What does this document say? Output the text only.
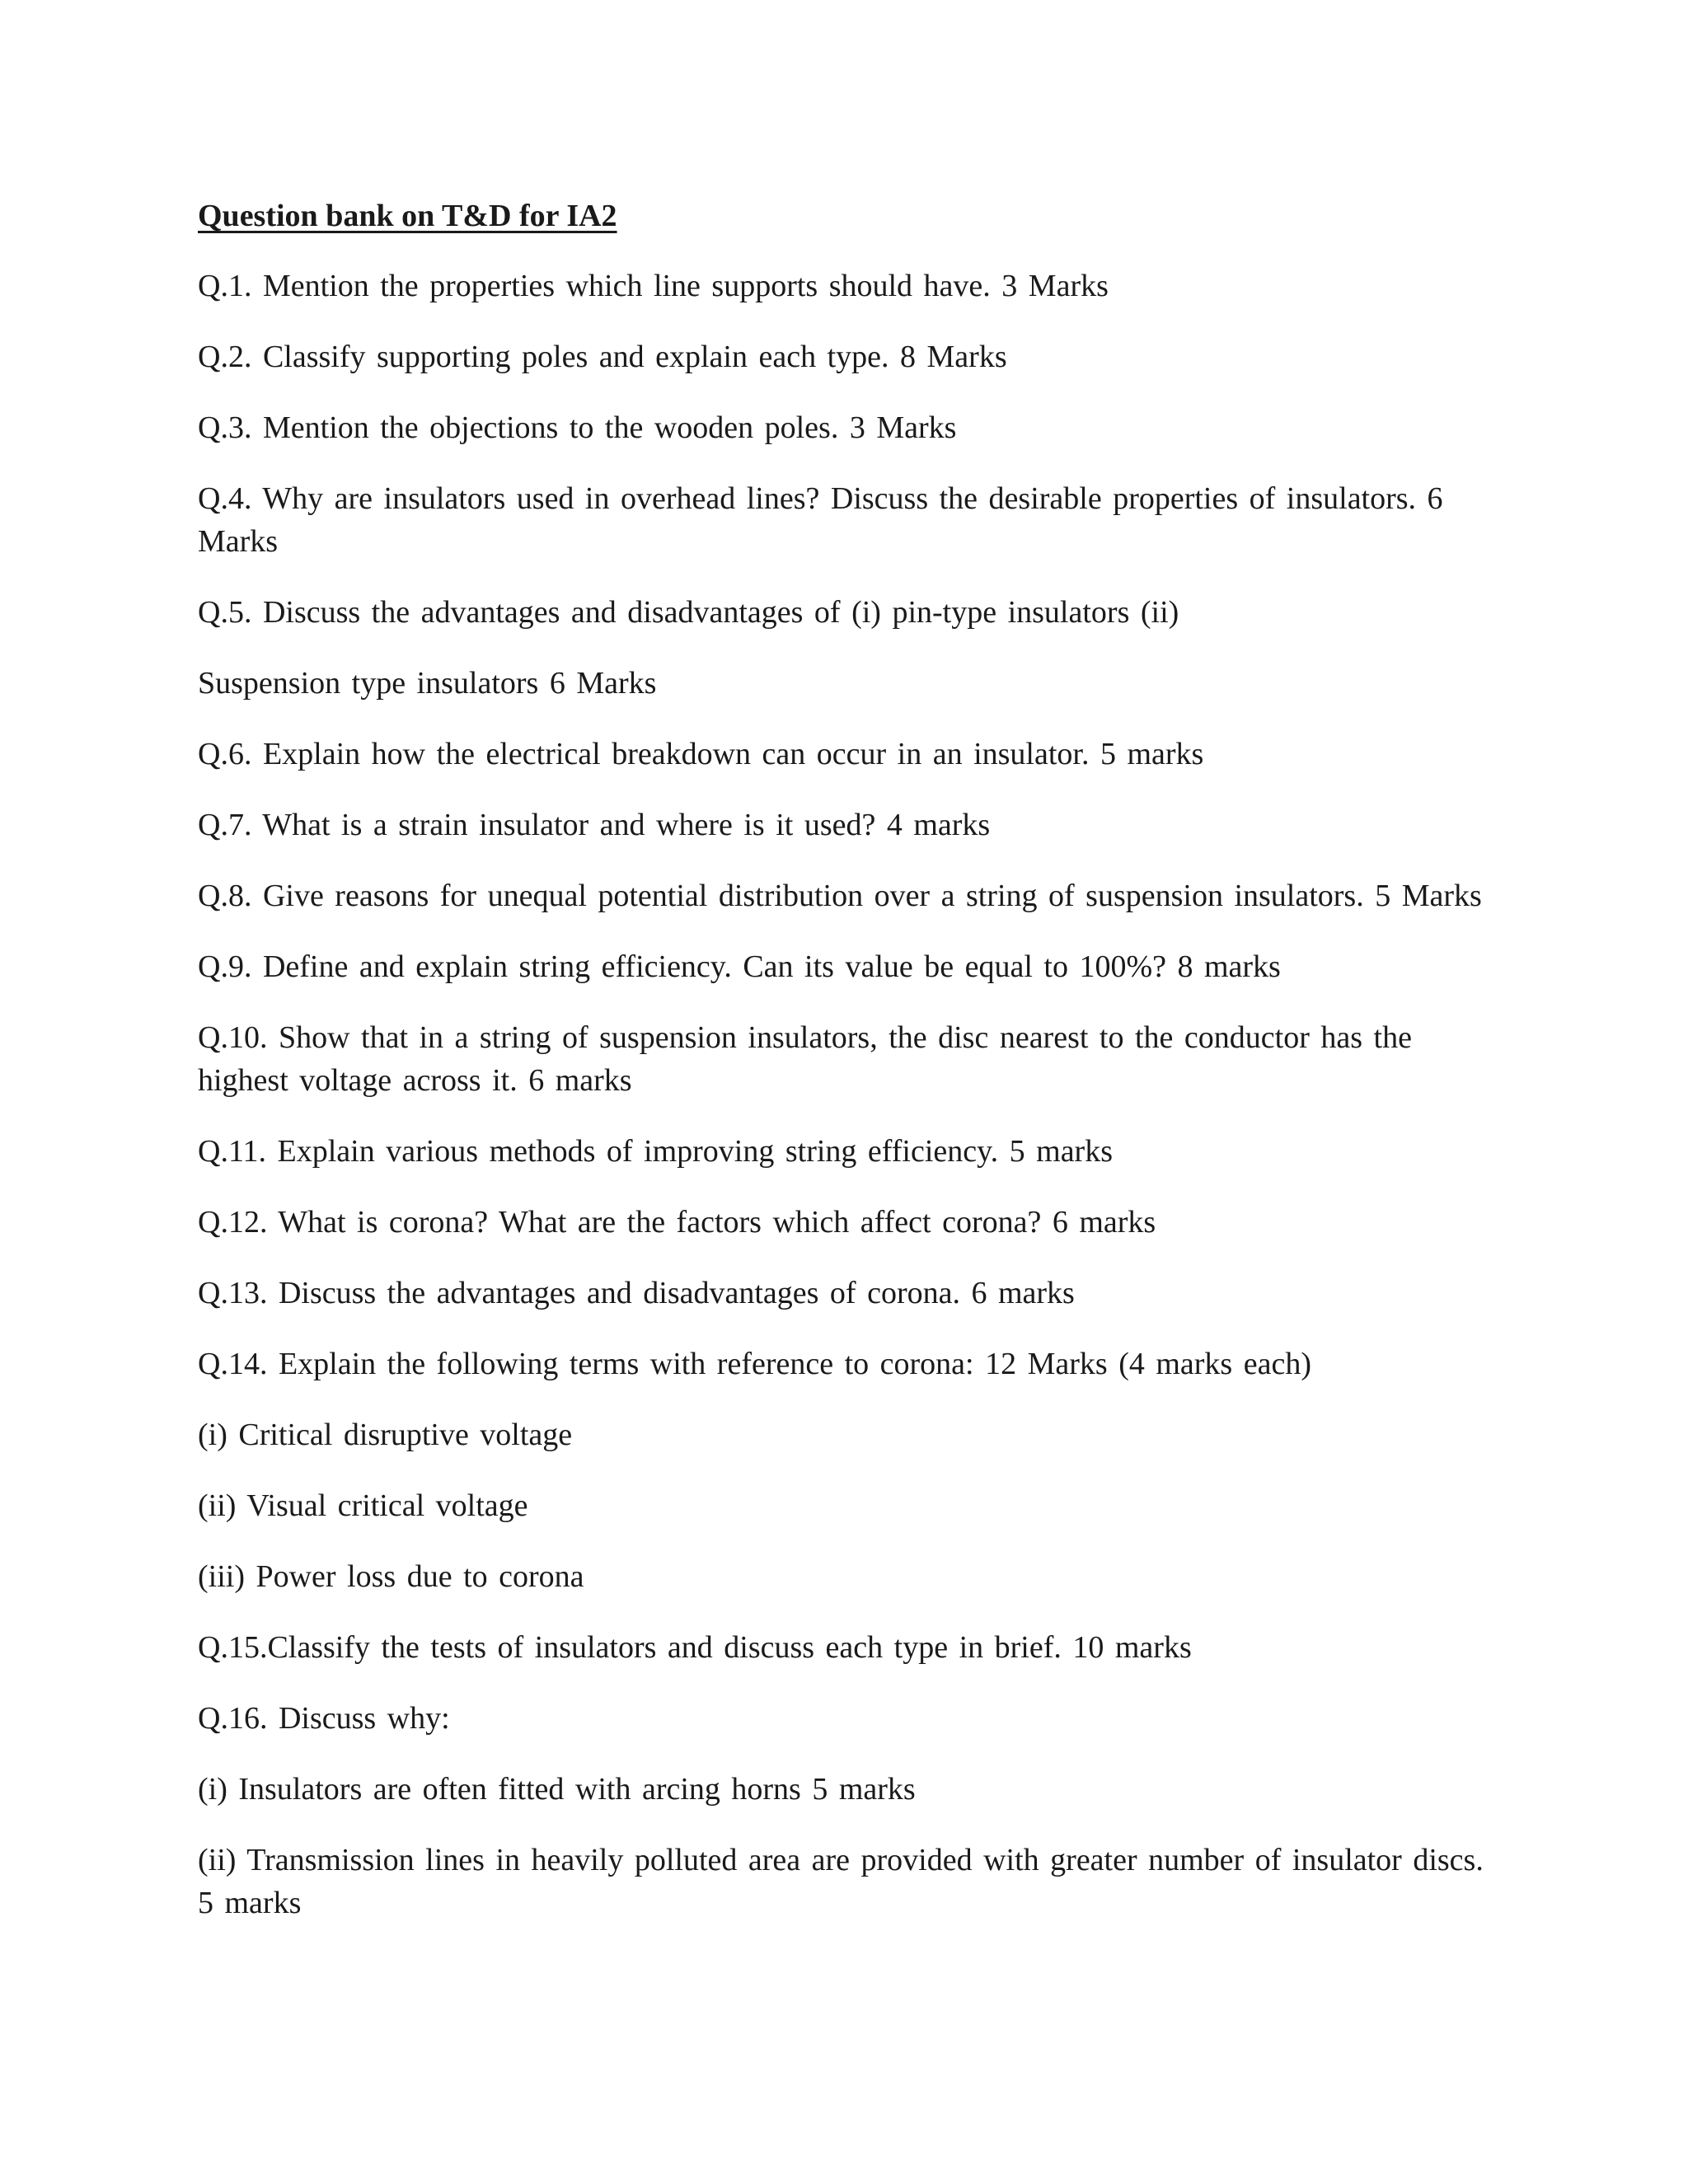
Question bank on T&D for IA2

Q.1. Mention the properties which line supports should have. 3 Marks

Q.2. Classify supporting poles and explain each type. 8 Marks

Q.3. Mention the objections to the wooden poles. 3 Marks

Q.4. Why are insulators used in overhead lines? Discuss the desirable properties of insulators. 6 Marks

Q.5. Discuss the advantages and disadvantages of (i) pin-type insulators (ii)

Suspension type insulators 6 Marks

Q.6. Explain how the electrical breakdown can occur in an insulator. 5 marks

Q.7. What is a strain insulator and where is it used? 4 marks

Q.8. Give reasons for unequal potential distribution over a string of suspension insulators. 5 Marks

Q.9. Define and explain string efficiency. Can its value be equal to 100%? 8 marks

Q.10. Show that in a string of suspension insulators, the disc nearest to the conductor has the highest voltage across it. 6 marks

Q.11. Explain various methods of improving string efficiency. 5 marks

Q.12. What is corona? What are the factors which affect corona? 6 marks

Q.13. Discuss the advantages and disadvantages of corona. 6 marks

Q.14. Explain the following terms with reference to corona: 12 Marks (4 marks each)

(i) Critical disruptive voltage

(ii) Visual critical voltage

(iii) Power loss due to corona

Q.15.Classify the tests of insulators and discuss each type in brief. 10 marks

Q.16. Discuss why:

(i) Insulators are often fitted with arcing horns 5 marks

(ii) Transmission lines in heavily polluted area are provided with greater number of insulator discs. 5 marks
